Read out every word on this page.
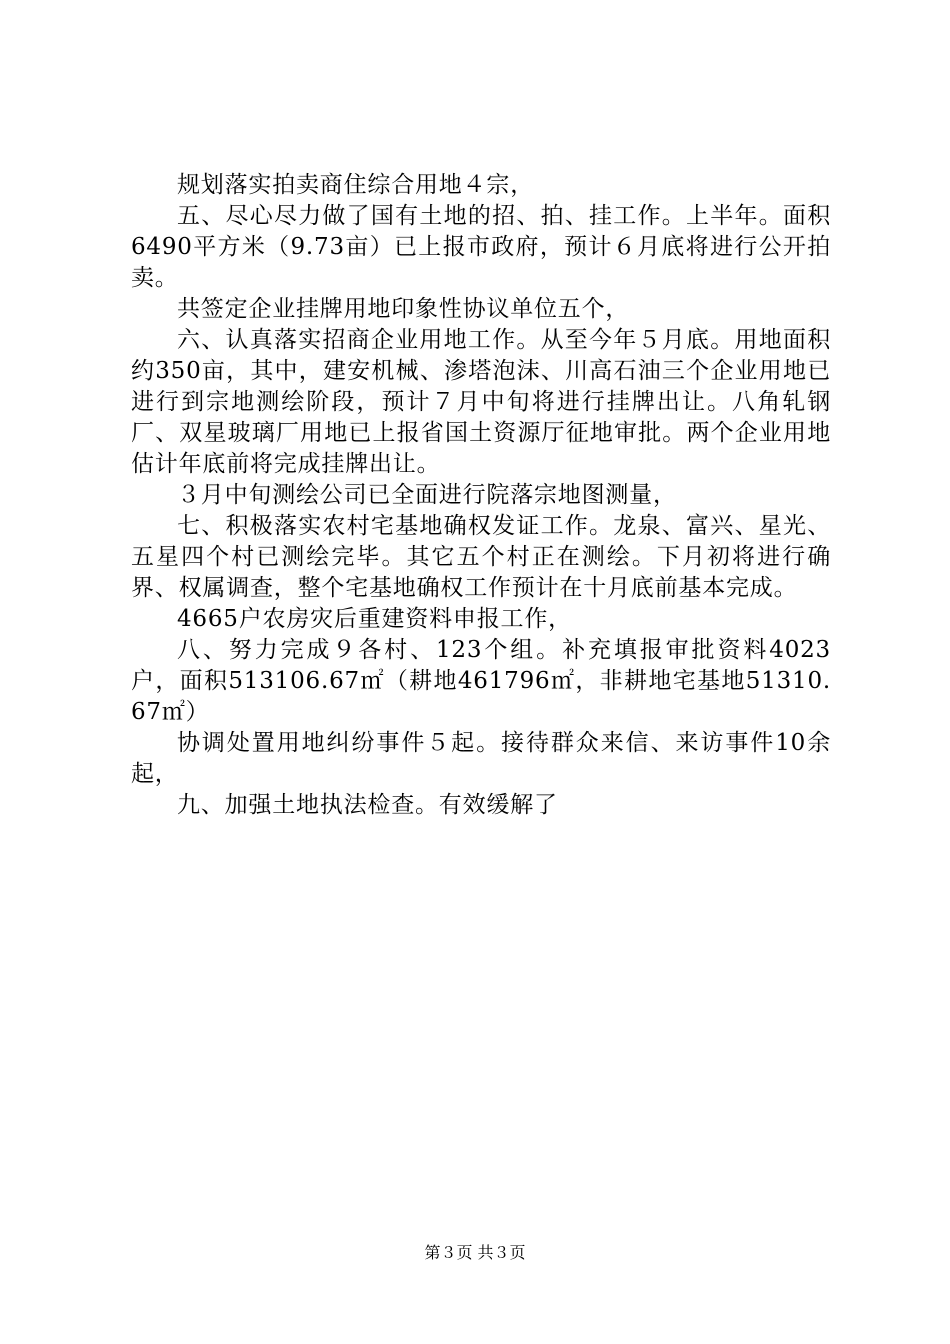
规划落实拍卖商住综合用地４宗，

五、尽心尽力做了国有土地的招、拍、挂工作。上半年。面积6490平方米（9.73亩）已上报市政府，预计６月底将进行公开拍卖。

共签定企业挂牌用地印象性协议单位五个，

六、认真落实招商企业用地工作。从至今年５月底。用地面积约350亩，其中，建安机械、渗塔泡沫、川高石油三个企业用地已进行到宗地测绘阶段，预计７月中旬将进行挂牌出让。八角轧钢厂、双星玻璃厂用地已上报省国土资源厅征地审批。两个企业用地估计年底前将完成挂牌出让。

３月中旬测绘公司已全面进行院落宗地图测量，

七、积极落实农村宅基地确权发证工作。龙泉、富兴、星光、五星四个村已测绘完毕。其它五个村正在测绘。下月初将进行确界、权属调查，整个宅基地确权工作预计在十月底前基本完成。

4665户农房灾后重建资料申报工作，

八、努力完成９各村、123个组。补充填报审批资料4023户，面积513106.67㎡（耕地461796㎡，非耕地宅基地51310.67㎡）

协调处置用地纠纷事件５起。接待群众来信、来访事件10余起，

九、加强土地执法检查。有效缓解了

第３页 共３页
